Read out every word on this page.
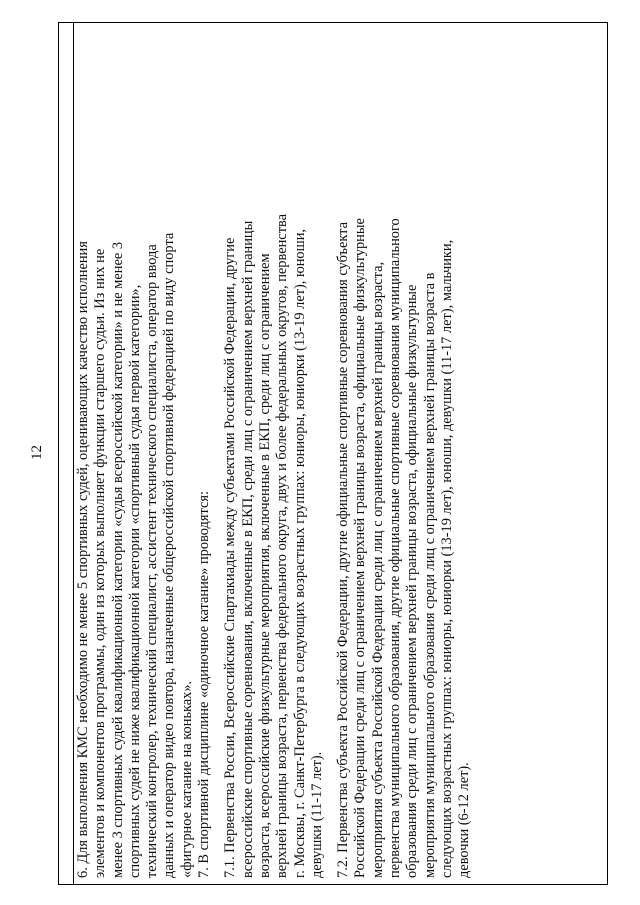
12 6. Для выполнения КМС необходимо не менее 5 спортивных судей, оценивающих качество исполнения элементов и компонентов программы, один из которых выполняет функции старшего судьи. Из них не менее 3 спортивных судей квалификационной категории «судья всероссийской категории» и не менее 3 спортивных судей не ниже квалификационной категории «спортивный судья первой категории», технический контролер, технический специалист, ассистент технического специалиста, оператор ввода данных и оператор видео повтора, назначенные общероссийской спортивной федерацией по виду спорта «фигурное катание на коньках». 7. В спортивной дисциплине «одиночное катание» проводятся: 7.1. Первенства России, Всероссийские Спартакиады между субъектами Российской Федерации, другие всероссийские спортивные соревнования, включенные в ЕКП, среди лиц с ограничением верхней границы возраста, всероссийские физкультурные мероприятия, включенные в ЕКП, среди лиц с ограничением верхней границы возраста, первенства федерального округа, двух и более федеральных округов, первенства г. Москвы, г. Санкт-Петербурга в следующих возрастных группах: юниоры, юниорки (13-19 лет), юноши, девушки (11-17 лет). 7.2. Первенства субъекта Российской Федерации, другие официальные спортивные соревнования субъекта Российской Федерации среди лиц с ограничением верхней границы возраста, официальные физкультурные мероприятия субъекта Российской Федерации среди лиц с ограничением верхней границы возраста, первенства муниципального образования, другие официальные спортивные соревнования муниципального образования среди лиц с ограничением верхней границы возраста, официальные физкультурные мероприятия муниципального образования среди лиц с ограничением верхней границы возраста в следующих возрастных группах: юниоры, юниорки (13-19 лет), юноши, девушки (11-17 лет), мальчики, девочки (6-12 лет).
